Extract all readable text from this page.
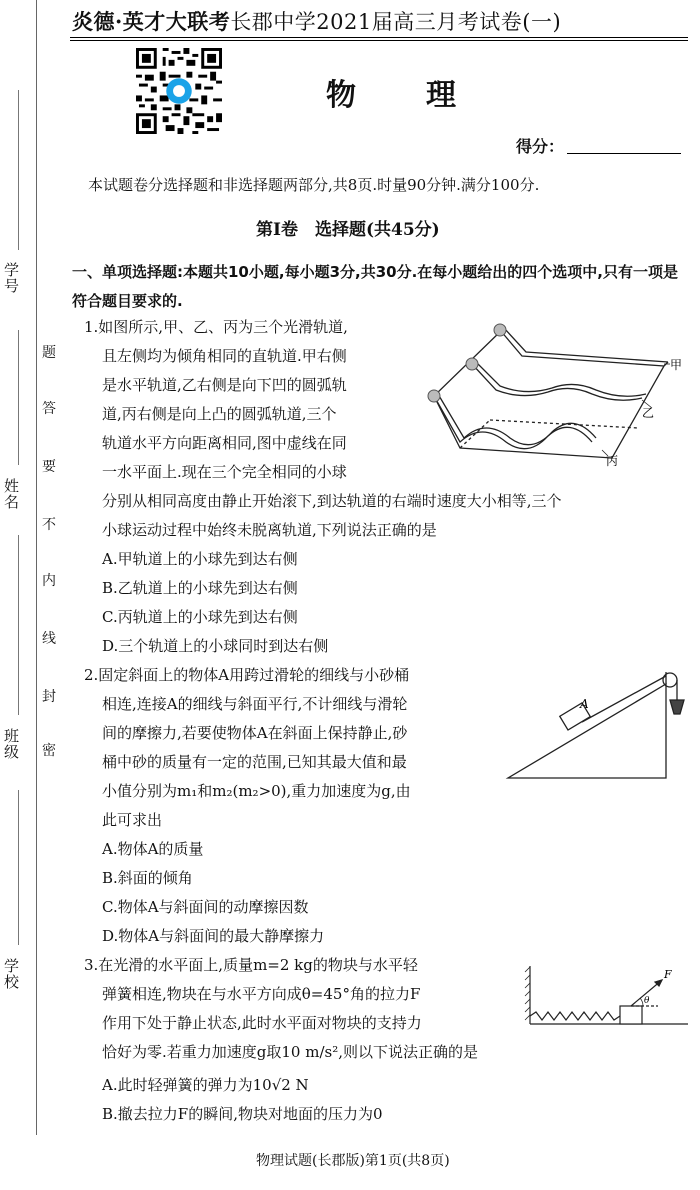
学　号
姓　名
班　级
学　校
题
答
要
不
内
线
封
密
炎德·英才大联考长郡中学2021届高三月考试卷(一)
物　理
得分：
本试题卷分选择题和非选择题两部分,共8页.时量90分钟.满分100分.
第Ⅰ卷　选择题(共45分)
一、单项选择题:本题共10小题,每小题3分,共30分.在每小题给出的四个选项中,只有一项是符合题目要求的.
1.如图所示,甲、乙、丙为三个光滑轨道,
且左侧均为倾角相同的直轨道.甲右侧
是水平轨道,乙右侧是向下凹的圆弧轨
道,丙右侧是向上凸的圆弧轨道,三个
轨道水平方向距离相同,图中虚线在同
一水平面上.现在三个完全相同的小球
分别从相同高度由静止开始滚下,到达轨道的右端时速度大小相等,三个
小球运动过程中始终未脱离轨道,下列说法正确的是
A.甲轨道上的小球先到达右侧
B.乙轨道上的小球先到达右侧
C.丙轨道上的小球先到达右侧
D.三个轨道上的小球同时到达右侧
甲
乙
丙
2.固定斜面上的物体A用跨过滑轮的细线与小砂桶
相连,连接A的细线与斜面平行,不计细线与滑轮
间的摩擦力,若要使物体A在斜面上保持静止,砂
桶中砂的质量有一定的范围,已知其最大值和最
小值分别为m₁和m₂(m₂>0),重力加速度为g,由
此可求出
A.物体A的质量
B.斜面的倾角
C.物体A与斜面间的动摩擦因数
D.物体A与斜面间的最大静摩擦力
A
3.在光滑的水平面上,质量m=2 kg的物块与水平轻
弹簧相连,物块在与水平方向成θ=45°角的拉力F
作用下处于静止状态,此时水平面对物块的支持力
恰好为零.若重力加速度g取10 m/s²,则以下说法正确的是
A.此时轻弹簧的弹力为10√2 N
B.撤去拉力F的瞬间,物块对地面的压力为0
F
θ
物理试题(长郡版)第1页(共8页)
